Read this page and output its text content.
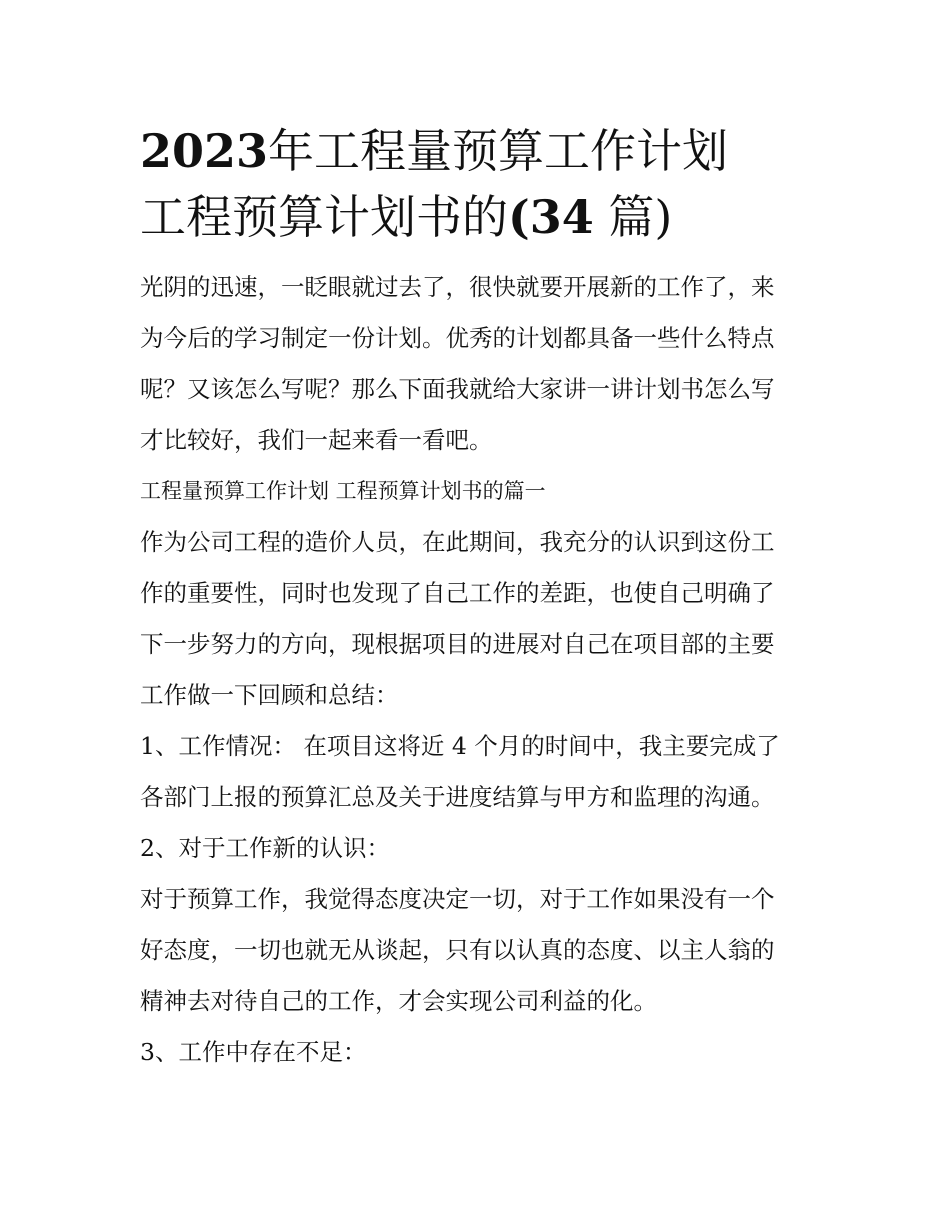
2023年工程量预算工作计划
工程预算计划书的(34 篇)

光阴的迅速，一眨眼就过去了，很快就要开展新的工作了，来
为今后的学习制定一份计划。优秀的计划都具备一些什么特点
呢？又该怎么写呢？那么下面我就给大家讲一讲计划书怎么写
才比较好，我们一起来看一看吧。

工程量预算工作计划 工程预算计划书的篇一

作为公司工程的造价人员，在此期间，我充分的认识到这份工
作的重要性，同时也发现了自己工作的差距，也使自己明确了
下一步努力的方向，现根据项目的进展对自己在项目部的主要
工作做一下回顾和总结：

1、工作情况： 在项目这将近 4 个月的时间中，我主要完成了
各部门上报的预算汇总及关于进度结算与甲方和监理的沟通。

2、对于工作新的认识：

对于预算工作，我觉得态度决定一切，对于工作如果没有一个
好态度，一切也就无从谈起，只有以认真的态度、以主人翁的
精神去对待自己的工作，才会实现公司利益的化。

3、工作中存在不足：
